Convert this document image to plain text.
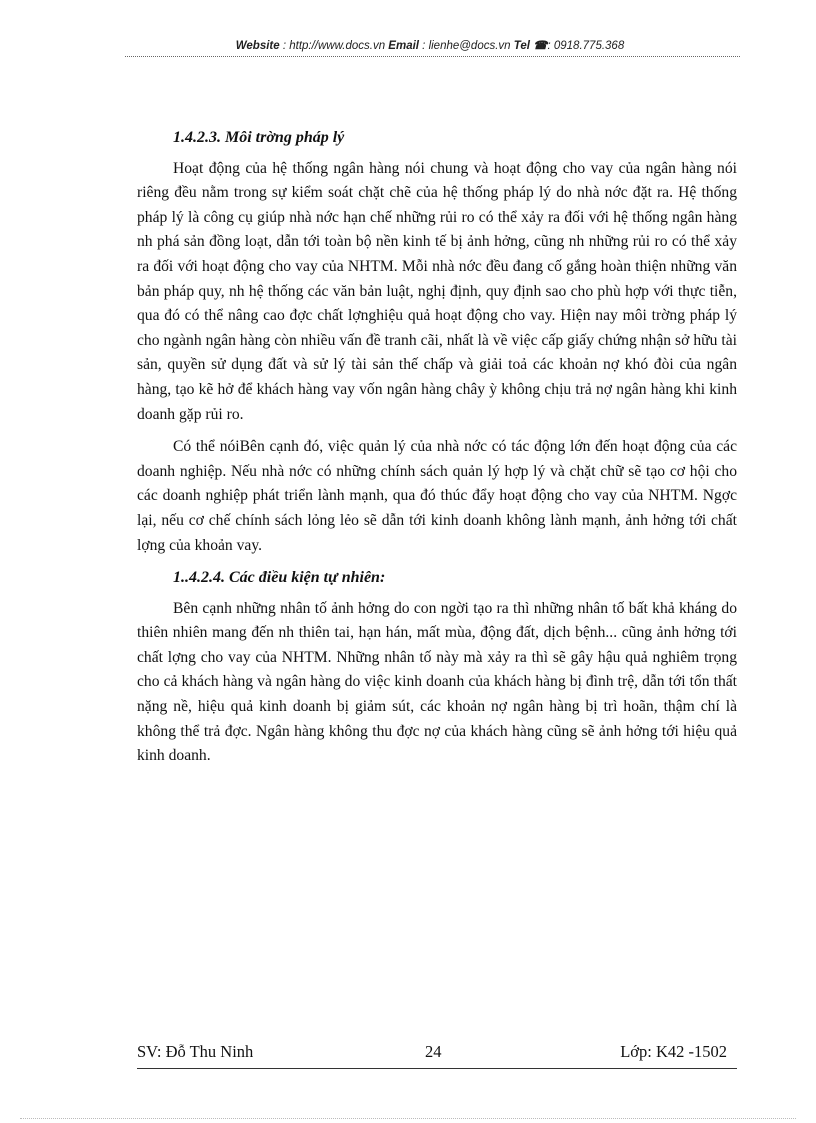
Website : http://www.docs.vn Email : lienhe@docs.vn Tel ☎: 0918.775.368
1.4.2.3. Môi trờng pháp lý

Hoạt động của hệ thống ngân hàng nói chung và hoạt động cho vay của ngân hàng nói riêng đều nằm trong sự kiểm soát chặt chẽ của hệ thống pháp lý do nhà nớc đặt ra. Hệ thống pháp lý là công cụ giúp nhà nớc hạn chế những rủi ro có thể xảy ra đối với hệ thống ngân hàng nh phá sản đồng loạt, dẫn tới toàn bộ nền kinh tế bị ảnh hởng, cũng nh những rủi ro có thể xảy ra đối với hoạt động cho vay của NHTM. Mỗi nhà nớc đều đang cố gắng hoàn thiện những văn bản pháp quy, nh hệ thống các văn bản luật, nghị định, quy định sao cho phù hợp với thực tiễn, qua đó có thể nâng cao đợc chất lợnghiệu quả hoạt động cho vay. Hiện nay môi trờng pháp lý cho ngành ngân hàng còn nhiều vấn đề tranh cãi, nhất là về việc cấp giấy chứng nhận sở hữu tài sản, quyền sử dụng đất và sử lý tài sản thế chấp và giải toả các khoản nợ khó đòi của ngân hàng, tạo kẽ hở để khách hàng vay vốn ngân hàng chây ỳ không chịu trả nợ ngân hàng khi kinh doanh gặp rủi ro.

Có thể nóiBên cạnh đó, việc quản lý của nhà nớc có tác động lớn đến hoạt động của các doanh nghiệp. Nếu nhà nớc có những chính sách quản lý hợp lý và chặt chữ sẽ tạo cơ hội cho các doanh nghiệp phát triển lành mạnh, qua đó thúc đẩy hoạt động cho vay của NHTM. Ngợc lại, nếu cơ chế chính sách lỏng lẻo sẽ dẫn tới kinh doanh không lành mạnh, ảnh hởng tới chất lợng của khoản vay.

1..4.2.4. Các điều kiện tự nhiên:

Bên cạnh những nhân tố ảnh hởng do con ngời tạo ra thì những nhân tố bất khả kháng do thiên nhiên mang đến nh thiên tai, hạn hán, mất mùa, động đất, dịch bệnh... cũng ảnh hởng tới chất lợng cho vay của NHTM. Những nhân tố này mà xảy ra thì sẽ gây hậu quả nghiêm trọng cho cả khách hàng và ngân hàng do việc kinh doanh của khách hàng bị đình trệ, dẫn tới tổn thất nặng nề, hiệu quả kinh doanh bị giảm sút, các khoản nợ ngân hàng bị trì hoãn, thậm chí là không thể trả đợc. Ngân hàng không thu đợc nợ của khách hàng cũng sẽ ảnh hởng tới hiệu quả kinh doanh.

SV: Đỗ Thu Ninh	24	Lớp: K42 -1502
